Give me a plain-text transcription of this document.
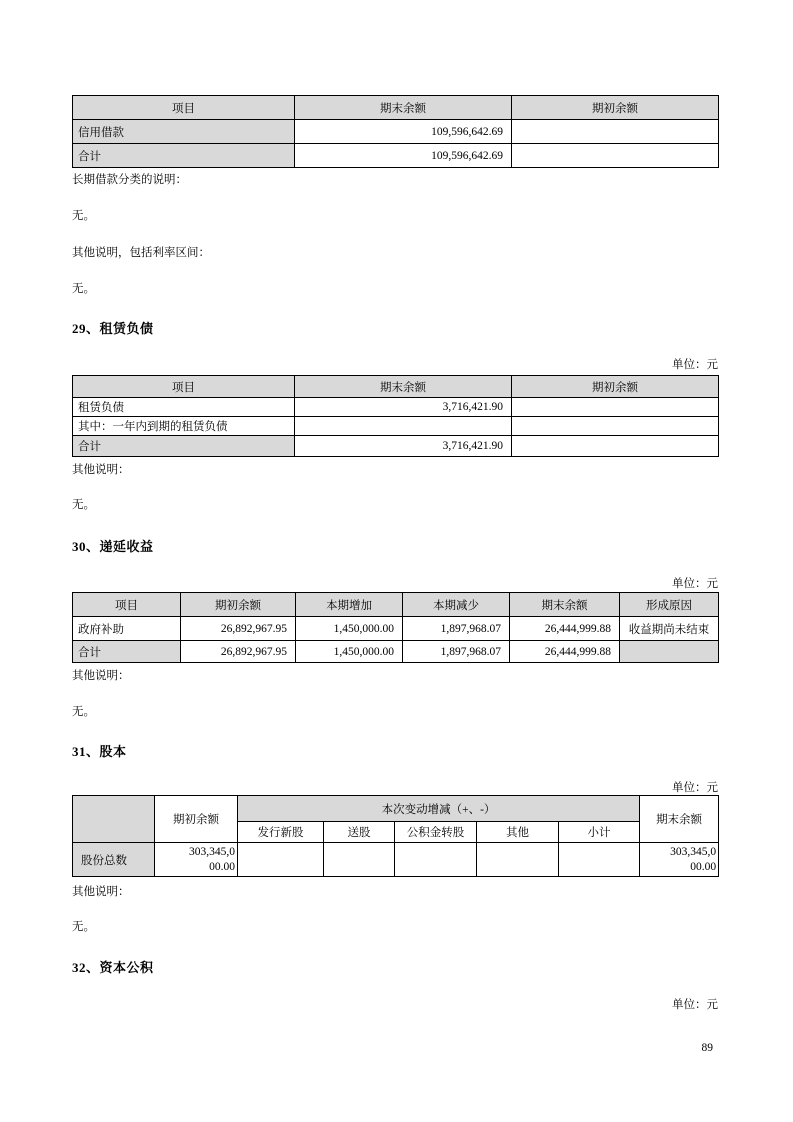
项目	期末余额	期初余额
信用借款	109,596,642.69	
合计	109,596,642.69	
长期借款分类的说明：
无。
其他说明，包括利率区间：
无。
29、租赁负债
单位：元
项目	期末余额	期初余额
租赁负债	3,716,421.90	
其中：一年内到期的租赁负债		
合计	3,716,421.90	
其他说明：
无。
30、递延收益
单位：元
项目	期初余额	本期增加	本期减少	期末余额	形成原因
政府补助	26,892,967.95	1,450,000.00	1,897,968.07	26,444,999.88	收益期尚未结束
合计	26,892,967.95	1,450,000.00	1,897,968.07	26,444,999.88	
其他说明：
无。
31、股本
单位：元
	期初余额	本次变动增减（+、-）					期末余额
		发行新股	送股	公积金转股	其他	小计	
股份总数	303,345,000.00						303,345,000.00
其他说明：
无。
32、资本公积
单位：元
89
